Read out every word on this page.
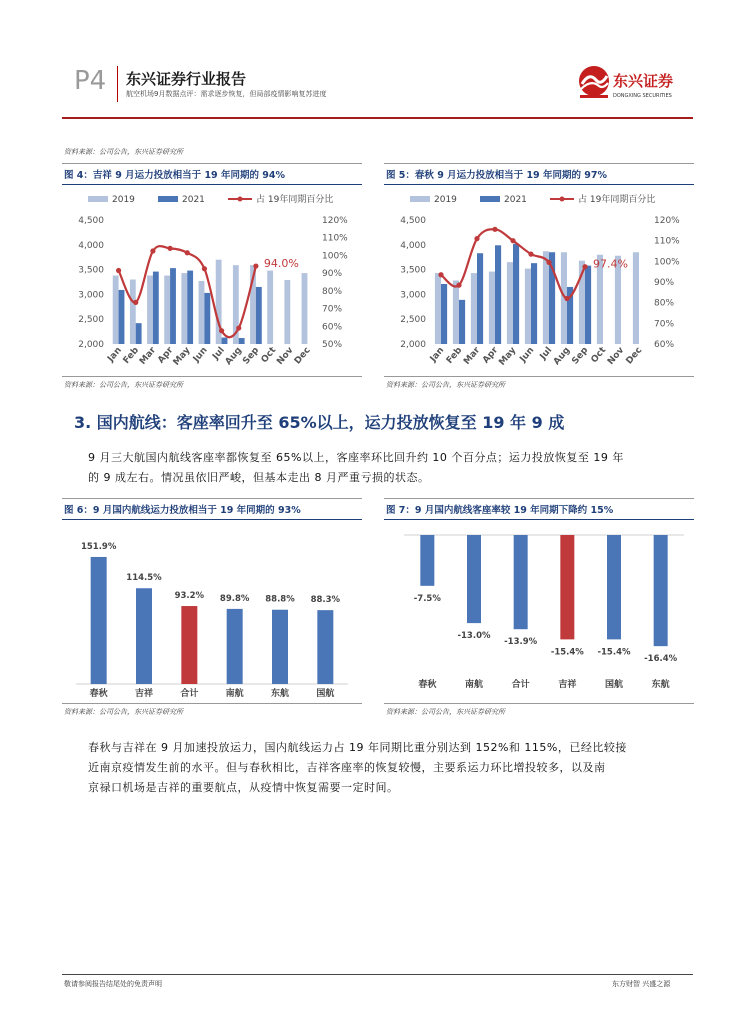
P4 东兴证券行业报告
航空机场9月数据点评：需求逐步恢复，但局部疫情影响复苏进度
东兴证券
DONGXING SECURITIES
资料来源：公司公告，东兴证券研究所
图 4：吉祥 9 月运力投放相当于 19 年同期的 94%	图 5：春秋 9 月运力投放相当于 19 年同期的 97%
2019	2021	占 19年同期百分比
2,000
2,500
3,000
3,500
4,000
4,500
50%
60%
70%
80%
90%
100%
110%
120%
Jan
Feb
Mar
Apr
May Jun Jul
Aug
Sep
Oct
Nov
Dec
94.0%
2019	2021	占 19年同期百分比
2,000
2,500
3,000
3,500
4,000
4,500
60%
70%
80%
90%
100%
110%
120%
Jan
Feb
Mar
Apr
May Jun Jul
Aug
Sep Oct
Nov
Dec
97.4%
资料来源：公司公告，东兴证券研究所	资料来源：公司公告，东兴证券研究所
3. 国内航线：客座率回升至 65%以上，运力投放恢复至 19 年 9 成
9 月三大航国内航线客座率都恢复至 65%以上，客座率环比回升约 10 个百分点；运力投放恢复至 19 年
的 9 成左右。情况虽依旧严峻，但基本走出 8 月严重亏损的状态。
图 6：9 月国内航线运力投放相当于 19 年同期的 93%	图 7：9 月国内航线客座率较 19 年同期下降约 15%
151.9%
春秋
114.5%
吉祥
93.2%
合计
89.8%
南航
88.8%
东航
88.3%
国航
-7.5%
春秋
-13.0%
南航
-13.9%
合计
-15.4%
吉祥
-15.4%
国航
-16.4%
东航
资料来源：公司公告，东兴证券研究所	资料来源：公司公告，东兴证券研究所
春秋与吉祥在 9 月加速投放运力，国内航线运力占 19 年同期比重分别达到 152%和 115%，已经比较接
近南京疫情发生前的水平。但与春秋相比，吉祥客座率的恢复较慢，主要系运力环比增投较多，以及南
京禄口机场是吉祥的重要航点，从疫情中恢复需要一定时间。
敬请参阅报告结尾处的免责声明	东方财智 兴盛之源
